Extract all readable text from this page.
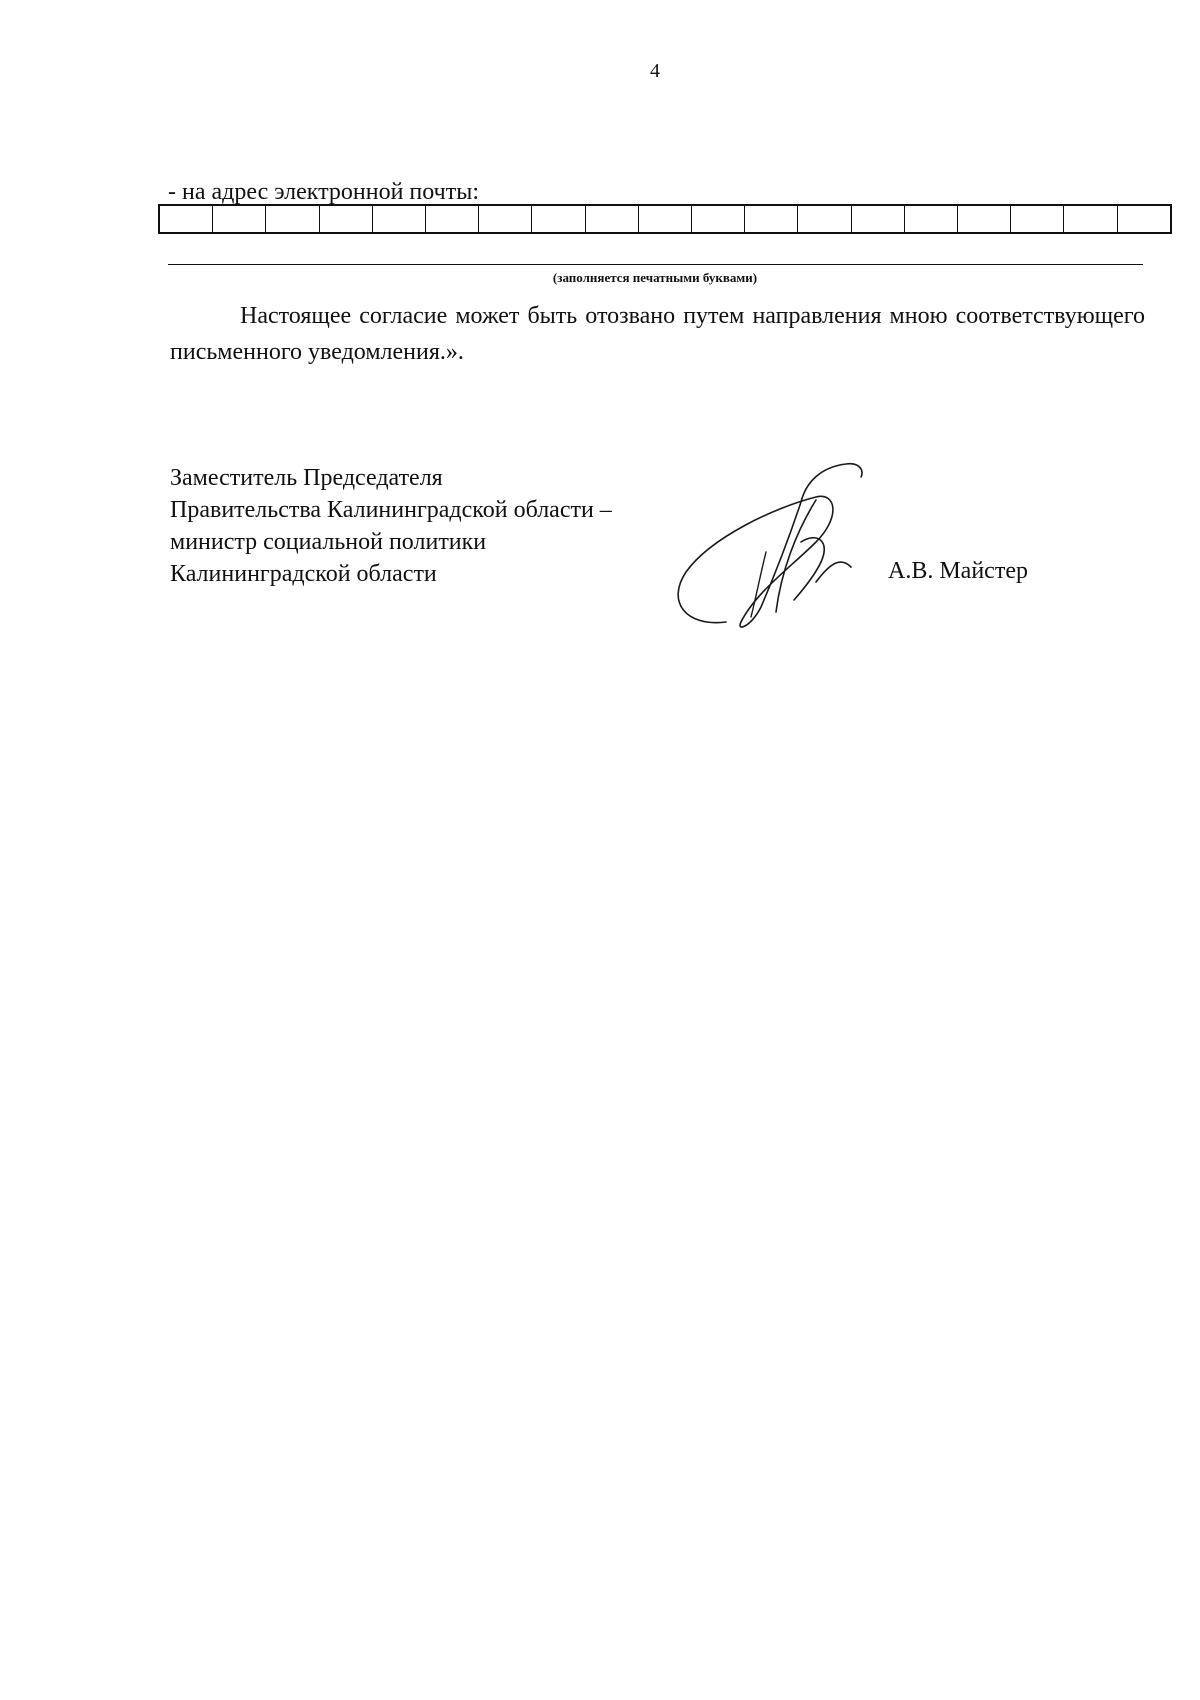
4
- на адрес электронной почты:
(заполняется печатными буквами)

Настоящее согласие может быть отозвано путем направления мною соответствующего письменного уведомления.».

Заместитель Председателя
Правительства Калининградской области –
министр социальной политики
Калининградской области	А.В. Майстер
